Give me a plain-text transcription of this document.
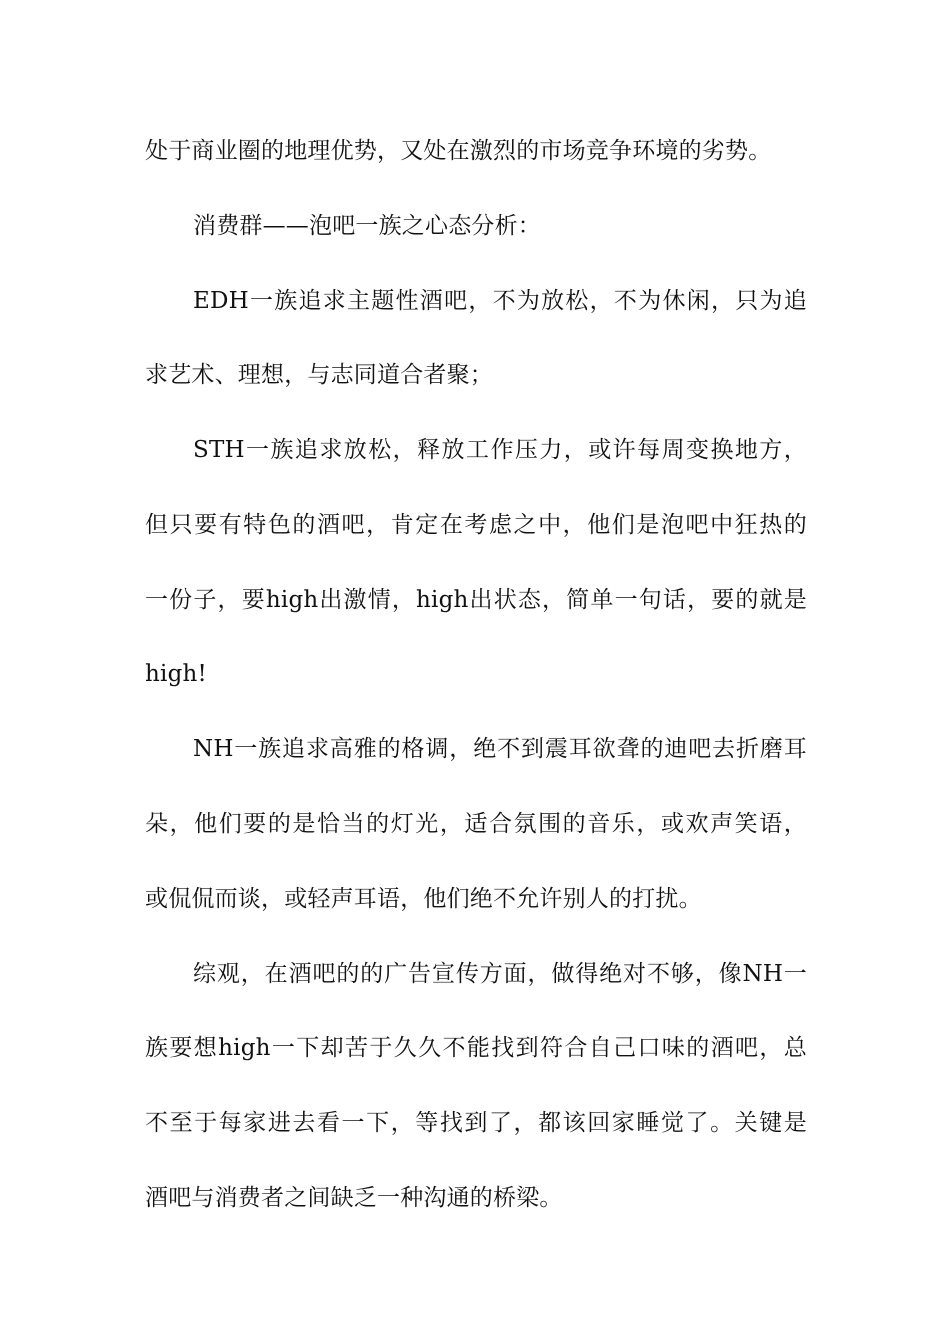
处于商业圈的地理优势，又处在激烈的市场竞争环境的劣势。
消费群——泡吧一族之心态分析：
EDH一族追求主题性酒吧，不为放松，不为休闲，只为追
求艺术、理想，与志同道合者聚；
STH一族追求放松，释放工作压力，或许每周变换地方，
但只要有特色的酒吧，肯定在考虑之中，他们是泡吧中狂热的
一份子，要high出激情，high出状态，简单一句话，要的就是
high!
NH一族追求高雅的格调，绝不到震耳欲聋的迪吧去折磨耳
朵，他们要的是恰当的灯光，适合氛围的音乐，或欢声笑语，
或侃侃而谈，或轻声耳语，他们绝不允许别人的打扰。
综观，在酒吧的的广告宣传方面，做得绝对不够，像NH一
族要想high一下却苦于久久不能找到符合自己口味的酒吧，总
不至于每家进去看一下，等找到了，都该回家睡觉了。关键是
酒吧与消费者之间缺乏一种沟通的桥梁。
